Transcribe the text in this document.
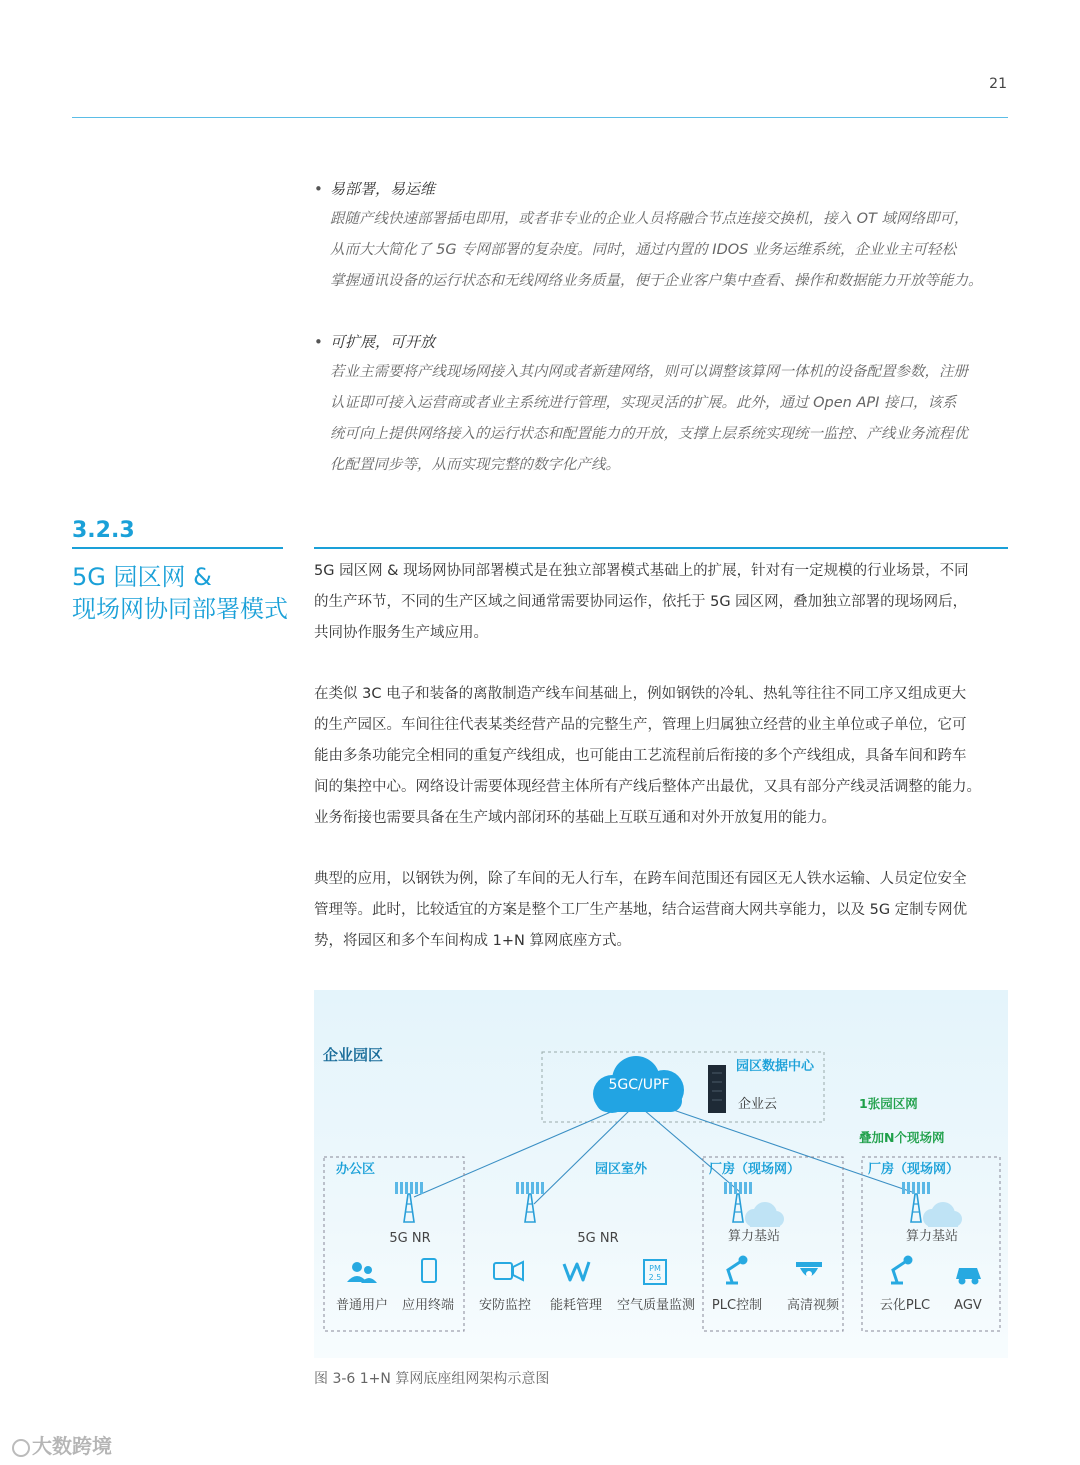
21
• 易部署，易运维
跟随产线快速部署插电即用，或者非专业的企业人员将融合节点连接交换机，接入 OT 域网络即可，
从而大大简化了 5G 专网部署的复杂度。同时，通过内置的 IDOS 业务运维系统，企业业主可轻松
掌握通讯设备的运行状态和无线网络业务质量，便于企业客户集中查看、操作和数据能力开放等能力。
• 可扩展，可开放
若业主需要将产线现场网接入其内网或者新建网络，则可以调整该算网一体机的设备配置参数，注册
认证即可接入运营商或者业主系统进行管理，实现灵活的扩展。此外，通过 Open API 接口，该系
统可向上提供网络接入的运行状态和配置能力的开放，支撑上层系统实现统一监控、产线业务流程优
化配置同步等，从而实现完整的数字化产线。
3.2.3
5G 园区网 &
现场网协同部署模式
5G 园区网 & 现场网协同部署模式是在独立部署模式基础上的扩展，针对有一定规模的行业场景，不同
的生产环节，不同的生产区域之间通常需要协同运作，依托于 5G 园区网，叠加独立部署的现场网后，
共同协作服务生产域应用。
在类似 3C 电子和装备的离散制造产线车间基础上，例如钢铁的冷轧、热轧等往往不同工序又组成更大
的生产园区。车间往往代表某类经营产品的完整生产，管理上归属独立经营的业主单位或子单位，它可
能由多条功能完全相同的重复产线组成，也可能由工艺流程前后衔接的多个产线组成，具备车间和跨车
间的集控中心。网络设计需要体现经营主体所有产线后整体产出最优，又具有部分产线灵活调整的能力。
业务衔接也需要具备在生产域内部闭环的基础上互联互通和对外开放复用的能力。
典型的应用，以钢铁为例，除了车间的无人行车，在跨车间范围还有园区无人铁水运输、人员定位安全
管理等。此时，比较适宜的方案是整个工厂生产基地，结合运营商大网共享能力，以及 5G 定制专网优
势，将园区和多个车间构成 1+N 算网底座方式。
企业园区
5GC/UPF
园区数据中心
企业云	1张园区网
叠加N个现场网
办公区
5G NR
园区室外
5G NR
厂房（现场网）
算力基站
厂房（现场网）
算力基站
PM
2.5
普通用户 应用终端 安防监控 能耗管理 空气质量监测 PLC控制 高清视频	云化PLC AGV
图 3-6 1+N 算网底座组网架构示意图
大数跨境
